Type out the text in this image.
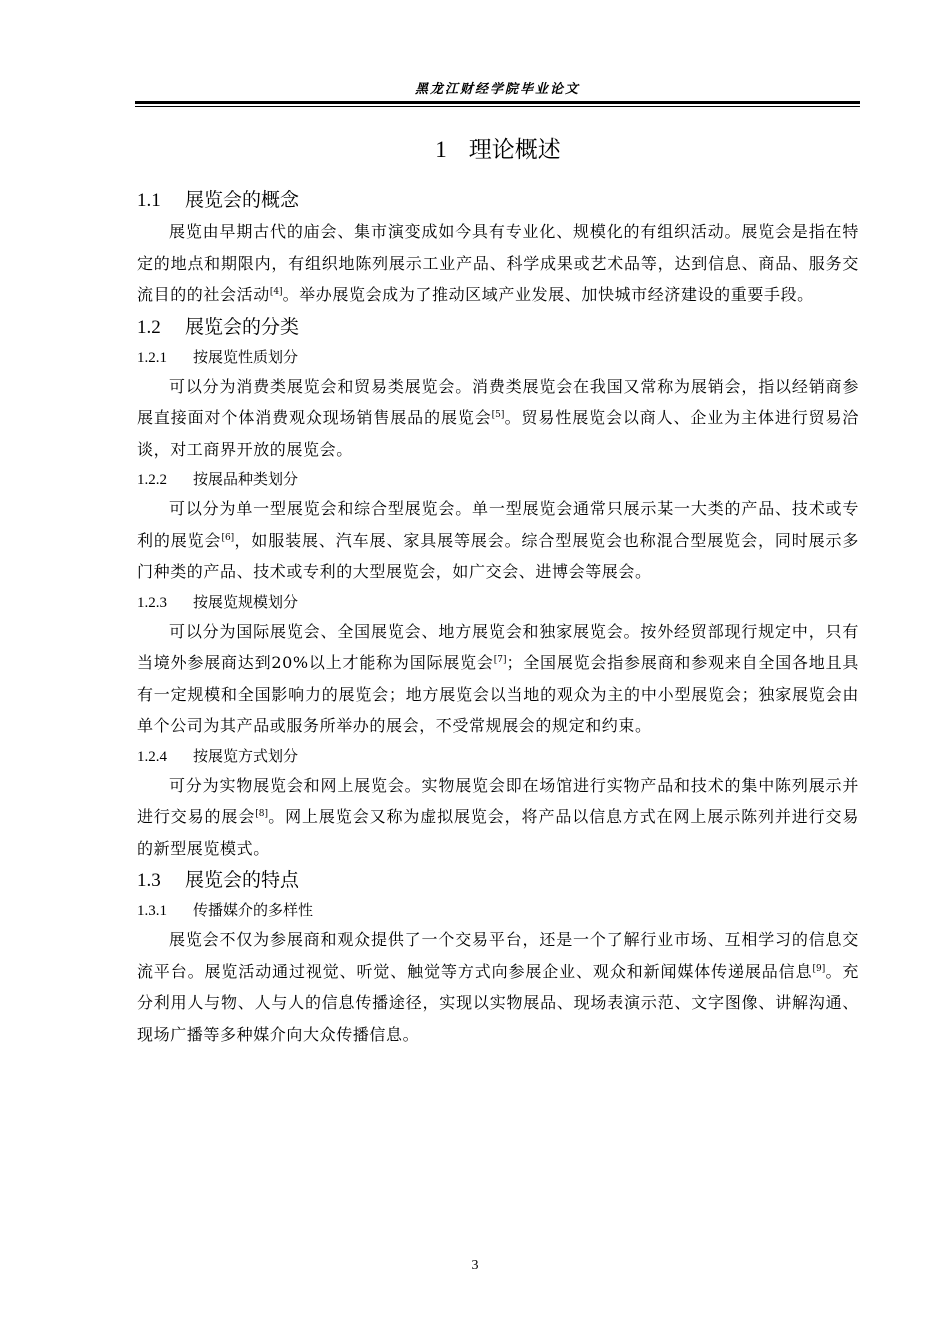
黑龙江财经学院毕业论文
1 理论概述
1.1 展览会的概念

展览由早期古代的庙会、集市演变成如今具有专业化、规模化的有组织活动。展览会是指在特定的地点和期限内，有组织地陈列展示工业产品、科学成果或艺术品等，达到信息、商品、服务交流目的的社会活动[4]。举办展览会成为了推动区域产业发展、加快城市经济建设的重要手段。

1.2 展览会的分类
1.2.1 按展览性质划分

可以分为消费类展览会和贸易类展览会。消费类展览会在我国又常称为展销会，指以经销商参展直接面对个体消费观众现场销售展品的展览会[5]。贸易性展览会以商人、企业为主体进行贸易洽谈，对工商界开放的展览会。

1.2.2 按展品种类划分

可以分为单一型展览会和综合型展览会。单一型展览会通常只展示某一大类的产品、技术或专利的展览会[6]，如服装展、汽车展、家具展等展会。综合型展览会也称混合型展览会，同时展示多门种类的产品、技术或专利的大型展览会，如广交会、进博会等展会。

1.2.3 按展览规模划分

可以分为国际展览会、全国展览会、地方展览会和独家展览会。按外经贸部现行规定中，只有当境外参展商达到20%以上才能称为国际展览会[7]；全国展览会指参展商和参观来自全国各地且具有一定规模和全国影响力的展览会；地方展览会以当地的观众为主的中小型展览会；独家展览会由单个公司为其产品或服务所举办的展会，不受常规展会的规定和约束。

1.2.4 按展览方式划分

可分为实物展览会和网上展览会。实物展览会即在场馆进行实物产品和技术的集中陈列展示并进行交易的展会[8]。网上展览会又称为虚拟展览会，将产品以信息方式在网上展示陈列并进行交易的新型展览模式。

1.3 展览会的特点
1.3.1 传播媒介的多样性

展览会不仅为参展商和观众提供了一个交易平台，还是一个了解行业市场、互相学习的信息交流平台。展览活动通过视觉、听觉、触觉等方式向参展企业、观众和新闻媒体传递展品信息[9]。充分利用人与物、人与人的信息传播途径，实现以实物展品、现场表演示范、文字图像、讲解沟通、现场广播等多种媒介向大众传播信息。

3
